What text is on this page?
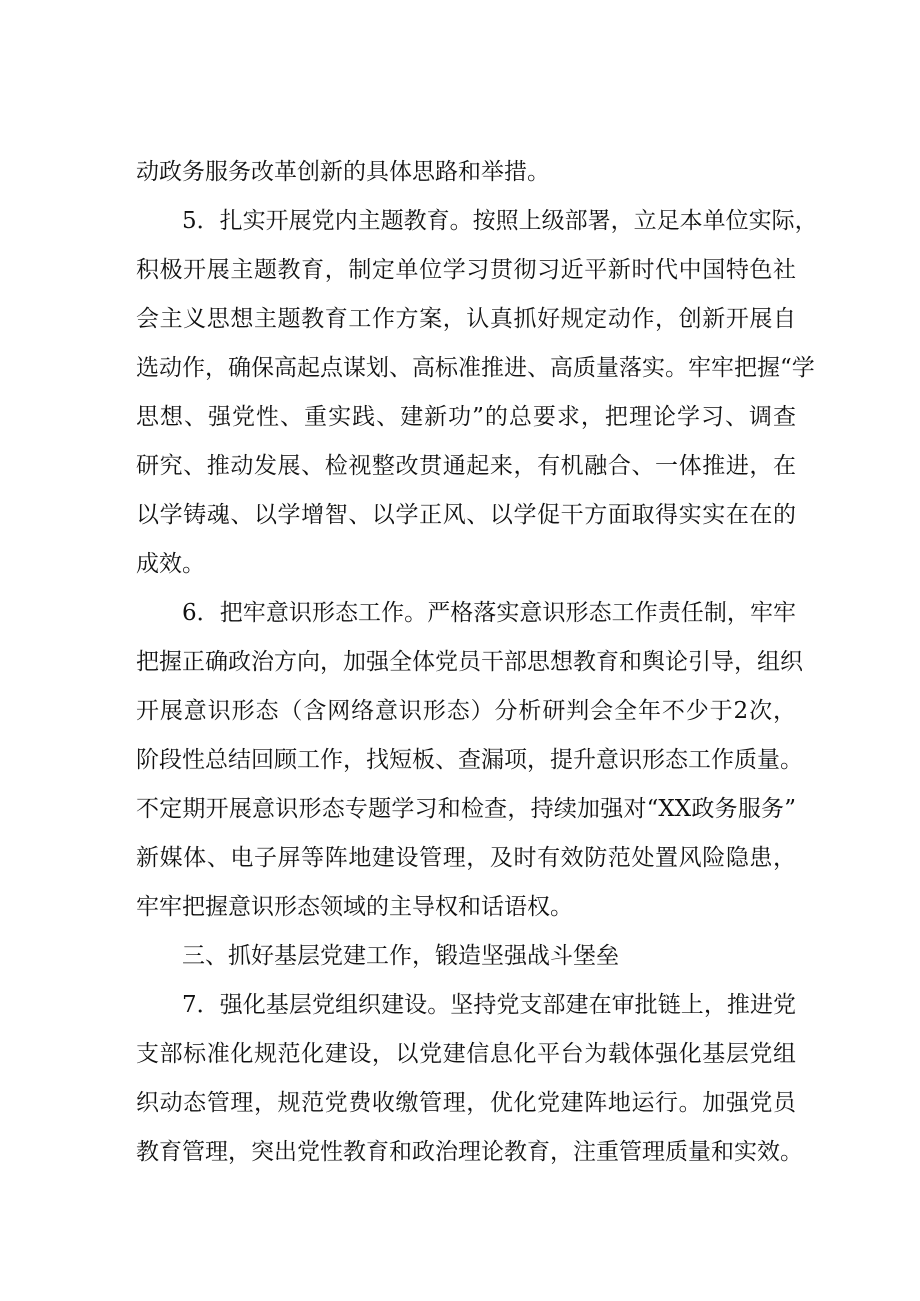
动政务服务改革创新的具体思路和举措。
5．扎实开展党内主题教育。按照上级部署，立足本单位实际，
积极开展主题教育，制定单位学习贯彻习近平新时代中国特色社
会主义思想主题教育工作方案，认真抓好规定动作，创新开展自
选动作，确保高起点谋划、高标准推进、高质量落实。牢牢把握“学
思想、强党性、重实践、建新功”的总要求，把理论学习、调查
研究、推动发展、检视整改贯通起来，有机融合、一体推进，在
以学铸魂、以学增智、以学正风、以学促干方面取得实实在在的
成效。
6．把牢意识形态工作。严格落实意识形态工作责任制，牢牢
把握正确政治方向，加强全体党员干部思想教育和舆论引导，组织
开展意识形态（含网络意识形态）分析研判会全年不少于2次，
阶段性总结回顾工作，找短板、查漏项，提升意识形态工作质量。
不定期开展意识形态专题学习和检查，持续加强对“XX政务服务”
新媒体、电子屏等阵地建设管理，及时有效防范处置风险隐患，
牢牢把握意识形态领域的主导权和话语权。
三、抓好基层党建工作，锻造坚强战斗堡垒
7．强化基层党组织建设。坚持党支部建在审批链上，推进党
支部标准化规范化建设，以党建信息化平台为载体强化基层党组
织动态管理，规范党费收缴管理，优化党建阵地运行。加强党员
教育管理，突出党性教育和政治理论教育，注重管理质量和实效。
